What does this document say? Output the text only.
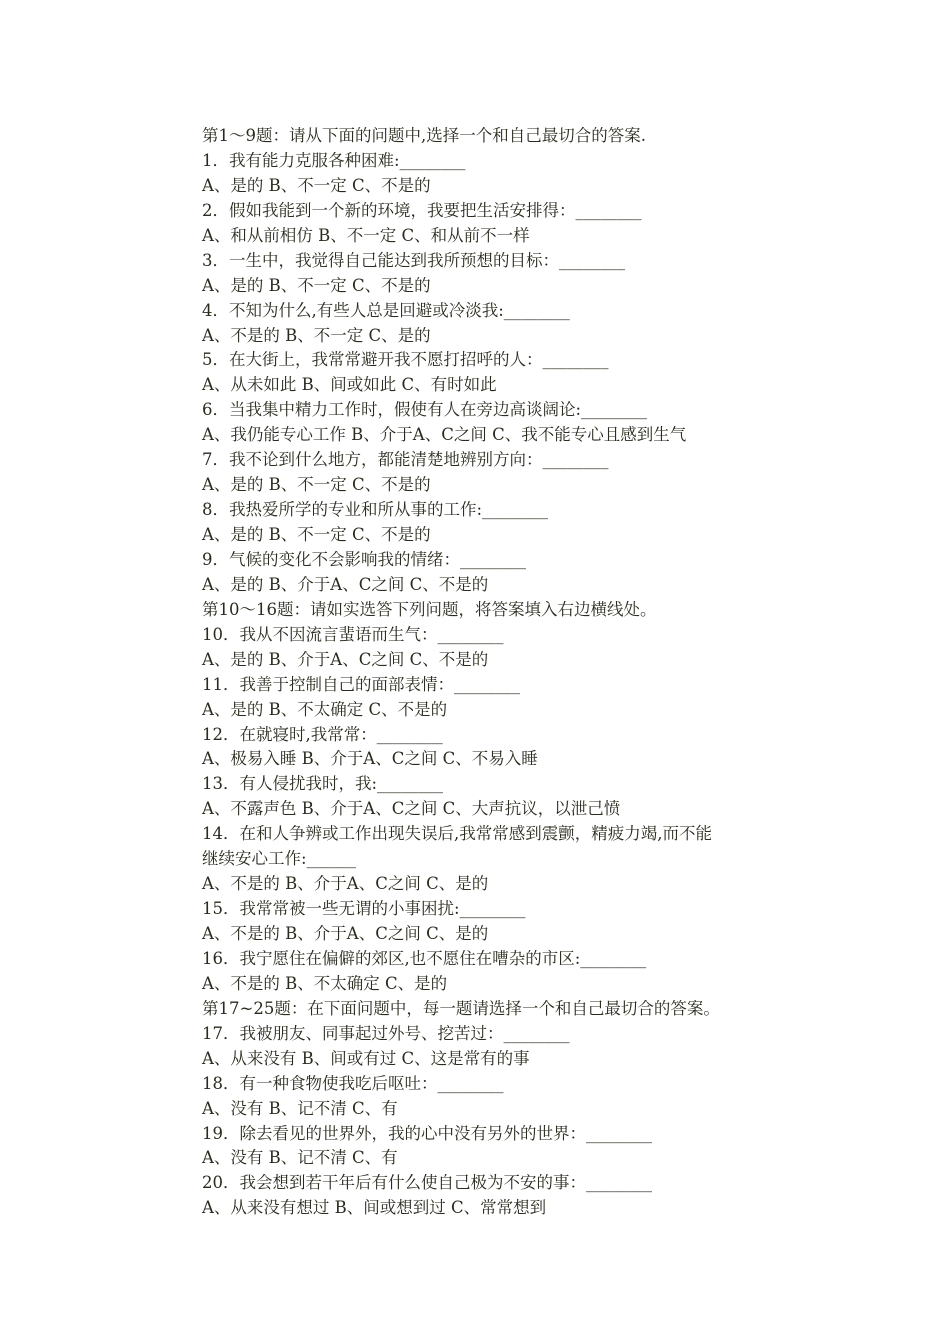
第1～9题：请从下面的问题中,选择一个和自己最切合的答案.
1．我有能力克服各种困难:________
A、是的 B、不一定 C、不是的
2．假如我能到一个新的环境，我要把生活安排得：________
A、和从前相仿 B、不一定 C、和从前不一样
3．一生中，我觉得自己能达到我所预想的目标：________
A、是的 B、不一定 C、不是的
4．不知为什么,有些人总是回避或冷淡我:________
A、不是的 B、不一定 C、是的
5．在大街上，我常常避开我不愿打招呼的人：________
A、从未如此 B、间或如此 C、有时如此
6．当我集中精力工作时，假使有人在旁边高谈阔论:________
A、我仍能专心工作 B、介于A、C之间 C、我不能专心且感到生气
7．我不论到什么地方，都能清楚地辨别方向：________
A、是的 B、不一定 C、不是的
8．我热爱所学的专业和所从事的工作:________
A、是的 B、不一定 C、不是的
9．气候的变化不会影响我的情绪：________
A、是的 B、介于A、C之间 C、不是的
第10～16题：请如实选答下列问题，将答案填入右边横线处。
10．我从不因流言蜚语而生气：________
A、是的 B、介于A、C之间 C、不是的
11．我善于控制自己的面部表情：________
A、是的 B、不太确定 C、不是的
12．在就寝时,我常常：________
A、极易入睡 B、介于A、C之间 C、不易入睡
13．有人侵扰我时，我:________
A、不露声色 B、介于A、C之间 C、大声抗议，以泄己愤
14．在和人争辨或工作出现失误后,我常常感到震颤，精疲力竭,而不能
继续安心工作:______
A、不是的 B、介于A、C之间 C、是的
15．我常常被一些无谓的小事困扰:________
A、不是的 B、介于A、C之间 C、是的
16．我宁愿住在偏僻的郊区,也不愿住在嘈杂的市区:________
A、不是的 B、不太确定 C、是的
第17~25题：在下面问题中，每一题请选择一个和自己最切合的答案。
17．我被朋友、同事起过外号、挖苦过：________
A、从来没有 B、间或有过 C、这是常有的事
18．有一种食物使我吃后呕吐：________
A、没有 B、记不清 C、有
19．除去看见的世界外，我的心中没有另外的世界：________
A、没有 B、记不清 C、有
20．我会想到若干年后有什么使自己极为不安的事：________
A、从来没有想过 B、间或想到过 C、常常想到
